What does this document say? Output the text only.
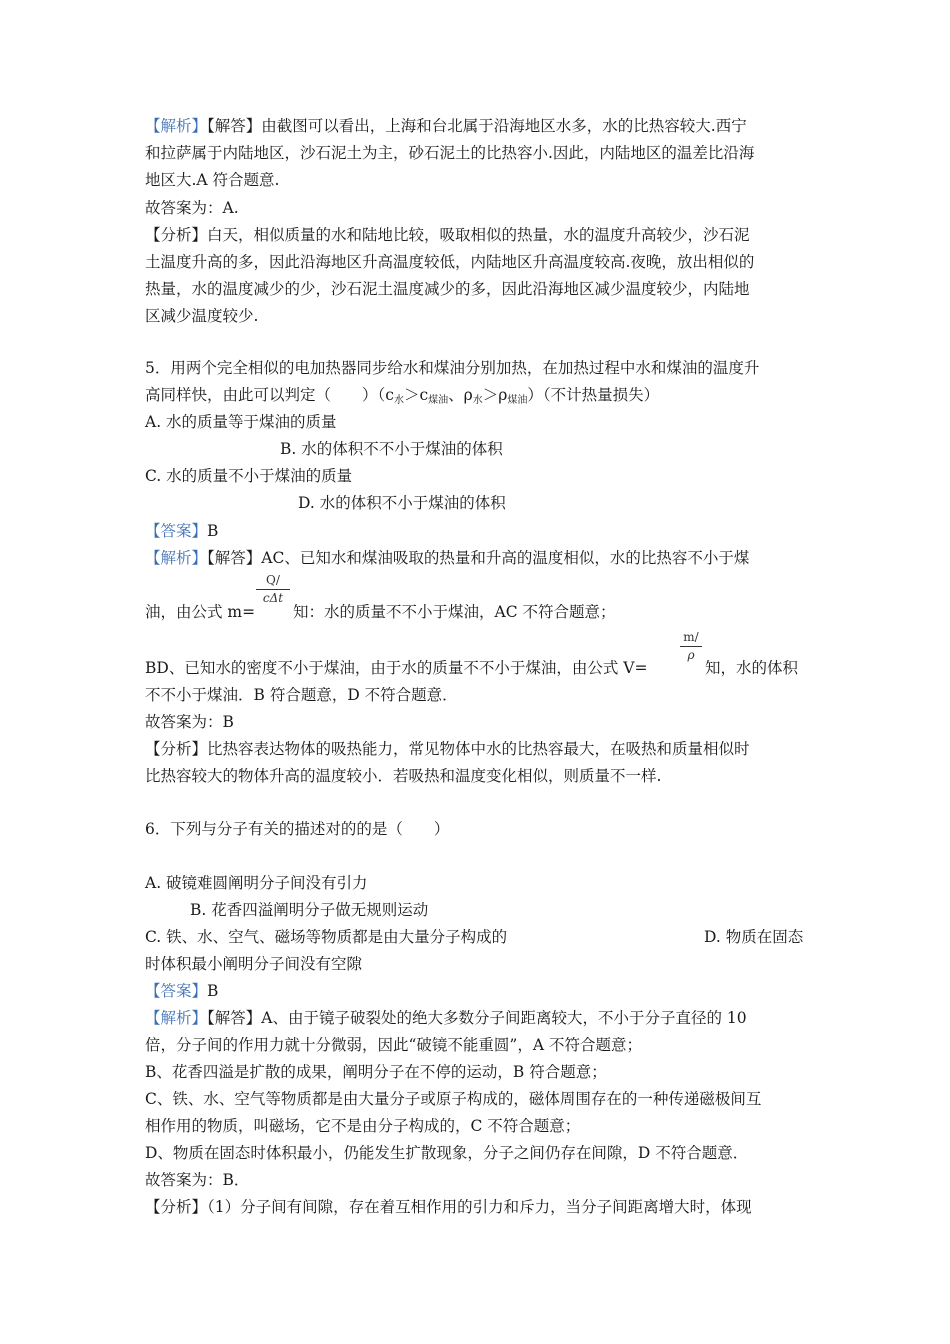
【解析】【解答】由截图可以看出，上海和台北属于沿海地区水多，水的比热容较大.西宁
和拉萨属于内陆地区，沙石泥土为主，砂石泥土的比热容小.因此，内陆地区的温差比沿海
地区大.A 符合题意.
故答案为：A.
【分析】白天，相似质量的水和陆地比较，吸取相似的热量，水的温度升高较少，沙石泥
土温度升高的多，因此沿海地区升高温度较低，内陆地区升高温度较高.夜晚，放出相似的
热量，水的温度减少的少，沙石泥土温度减少的多，因此沿海地区减少温度较少，内陆地
区减少温度较少.
5．用两个完全相似的电加热器同步给水和煤油分别加热，在加热过程中水和煤油的温度升
高同样快，由此可以判定（　　）（c水＞c煤油、ρ水＞ρ煤油）（不计热量损失）
A. 水的质量等于煤油的质量
B. 水的体积不不小于煤油的体积
C. 水的质量不小于煤油的质量
D. 水的体积不小于煤油的体积
【答案】B
【解析】【解答】AC、已知水和煤油吸取的热量和升高的温度相似，水的比热容不小于煤
Q/
cΔt
油，由公式 m= 知：水的质量不不小于煤油，AC 不符合题意；
$\frac{m/}{\rho}$
BD、已知水的密度不小于煤油，由于水的质量不不小于煤油，由公式 V=	知，水的体积
不不小于煤油．B 符合题意，D 不符合题意．
故答案为：B
【分析】比热容表达物体的吸热能力，常见物体中水的比热容最大，在吸热和质量相似时
比热容较大的物体升高的温度较小．若吸热和温度变化相似，则质量不一样.
6．下列与分子有关的描述对的的是（　　）
A. 破镜难圆阐明分子间没有引力
B. 花香四溢阐明分子做无规则运动
C. 铁、水、空气、磁场等物质都是由大量分子构成的	D. 物质在固态
时体积最小阐明分子间没有空隙
【答案】B
【解析】【解答】A、由于镜子破裂处的绝大多数分子间距离较大，不小于分子直径的 10
倍，分子间的作用力就十分微弱，因此“破镜不能重圆”，A 不符合题意；
B、花香四溢是扩散的成果，阐明分子在不停的运动，B 符合题意；
C、铁、水、空气等物质都是由大量分子或原子构成的，磁体周围存在的一种传递磁极间互
相作用的物质，叫磁场，它不是由分子构成的，C 不符合题意；
D、物质在固态时体积最小，仍能发生扩散现象，分子之间仍存在间隙，D 不符合题意．
故答案为：B．
【分析】（1）分子间有间隙，存在着互相作用的引力和斥力，当分子间距离增大时，体现
